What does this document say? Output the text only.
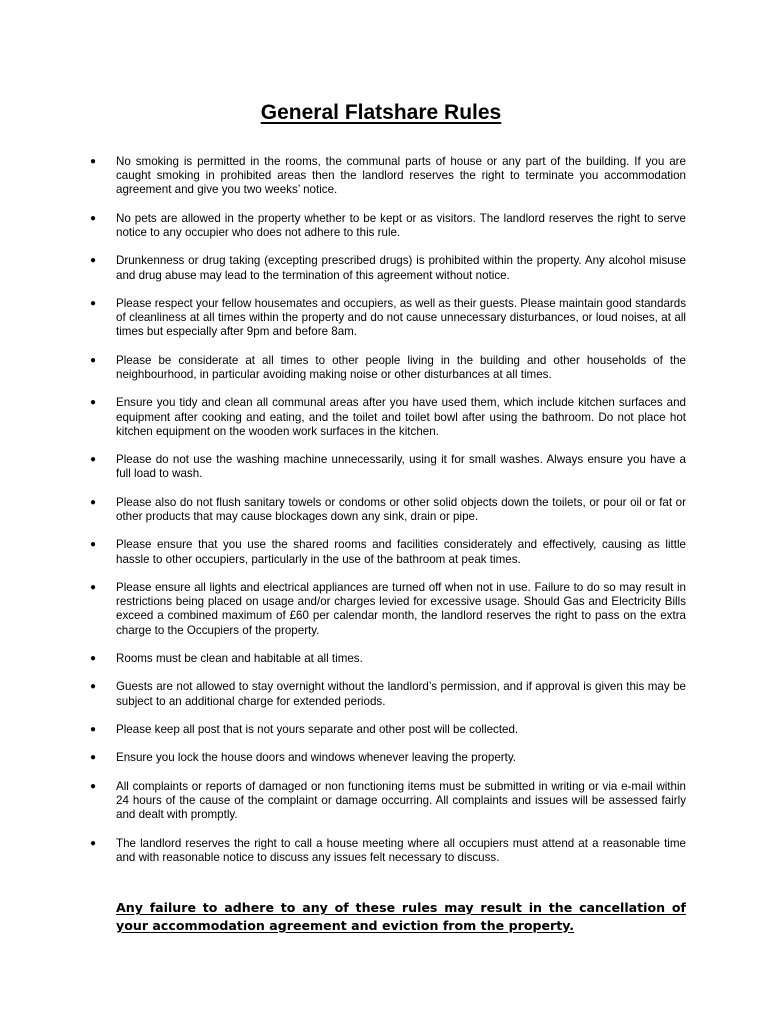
General Flatshare Rules
● No smoking is permitted in the rooms, the communal parts of house or any part of the building. If you are caught smoking in prohibited areas then the landlord reserves the right to terminate you accommodation agreement and give you two weeks’ notice.
● No pets are allowed in the property whether to be kept or as visitors. The landlord reserves the right to serve notice to any occupier who does not adhere to this rule.
● Drunkenness or drug taking (excepting prescribed drugs) is prohibited within the property. Any alcohol misuse and drug abuse may lead to the termination of this agreement without notice.
● Please respect your fellow housemates and occupiers, as well as their guests. Please maintain good standards of cleanliness at all times within the property and do not cause unnecessary disturbances, or loud noises, at all times but especially after 9pm and before 8am.
● Please be considerate at all times to other people living in the building and other households of the neighbourhood, in particular avoiding making noise or other disturbances at all times.
● Ensure you tidy and clean all communal areas after you have used them, which include kitchen surfaces and equipment after cooking and eating, and the toilet and toilet bowl after using the bathroom. Do not place hot kitchen equipment on the wooden work surfaces in the kitchen.
● Please do not use the washing machine unnecessarily, using it for small washes. Always ensure you have a full load to wash.
● Please also do not flush sanitary towels or condoms or other solid objects down the toilets, or pour oil or fat or other products that may cause blockages down any sink, drain or pipe.
● Please ensure that you use the shared rooms and facilities considerately and effectively, causing as little hassle to other occupiers, particularly in the use of the bathroom at peak times.
● Please ensure all lights and electrical appliances are turned off when not in use. Failure to do so may result in restrictions being placed on usage and/or charges levied for excessive usage. Should Gas and Electricity Bills exceed a combined maximum of £60 per calendar month, the landlord reserves the right to pass on the extra charge to the Occupiers of the property.
● Rooms must be clean and habitable at all times.
● Guests are not allowed to stay overnight without the landlord’s permission, and if approval is given this may be subject to an additional charge for extended periods.
● Please keep all post that is not yours separate and other post will be collected.
● Ensure you lock the house doors and windows whenever leaving the property.
● All complaints or reports of damaged or non functioning items must be submitted in writing or via e-mail within 24 hours of the cause of the complaint or damage occurring. All complaints and issues will be assessed fairly and dealt with promptly.
● The landlord reserves the right to call a house meeting where all occupiers must attend at a reasonable time and with reasonable notice to discuss any issues felt necessary to discuss.

Any failure to adhere to any of these rules may result in the cancellation of your accommodation agreement and eviction from the property.
